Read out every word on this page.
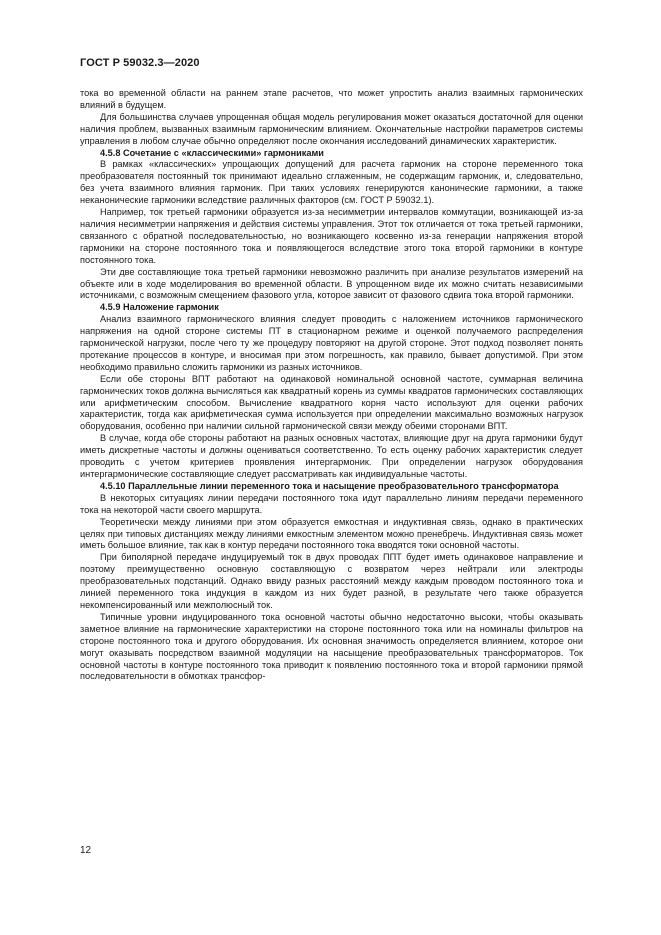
ГОСТ Р 59032.3—2020

тока во временной области на раннем этапе расчетов, что может упростить анализ взаимных гармонических влияний в будущем.

Для большинства случаев упрощенная общая модель регулирования может оказаться достаточной для оценки наличия проблем, вызванных взаимным гармоническим влиянием. Окончательные настройки параметров системы управления в любом случае обычно определяют после окончания исследований динамических характеристик.

4.5.8 Сочетание с «классическими» гармониками

В рамках «классических» упрощающих допущений для расчета гармоник на стороне переменного тока преобразователя постоянный ток принимают идеально сглаженным, не содержащим гармоник, и, следовательно, без учета взаимного влияния гармоник. При таких условиях генерируются канонические гармоники, а также неканонические гармоники вследствие различных факторов (см. ГОСТ Р 59032.1).

Например, ток третьей гармоники образуется из-за несимметрии интервалов коммутации, возникающей из-за наличия несимметрии напряжения и действия системы управления. Этот ток отличается от тока третьей гармоники, связанного с обратной последовательностью, но возникающего косвенно из-за генерации напряжения второй гармоники на стороне постоянного тока и появляющегося вследствие этого тока второй гармоники в контуре постоянного тока.

Эти две составляющие тока третьей гармоники невозможно различить при анализе результатов измерений на объекте или в ходе моделирования во временной области. В упрощенном виде их можно считать независимыми источниками, с возможным смещением фазового угла, которое зависит от фазового сдвига тока второй гармоники.

4.5.9 Наложение гармоник

Анализ взаимного гармонического влияния следует проводить с наложением источников гармонического напряжения на одной стороне системы ПТ в стационарном режиме и оценкой получаемого распределения гармонической нагрузки, после чего ту же процедуру повторяют на другой стороне. Этот подход позволяет понять протекание процессов в контуре, и вносимая при этом погрешность, как правило, бывает допустимой. При этом необходимо правильно сложить гармоники из разных источников.

Если обе стороны ВПТ работают на одинаковой номинальной основной частоте, суммарная величина гармонических токов должна вычисляться как квадратный корень из суммы квадратов гармонических составляющих или арифметическим способом. Вычисление квадратного корня часто используют для оценки рабочих характеристик, тогда как арифметическая сумма используется при определении максимально возможных нагрузок оборудования, особенно при наличии сильной гармонической связи между обеими сторонами ВПТ.

В случае, когда обе стороны работают на разных основных частотах, влияющие друг на друга гармоники будут иметь дискретные частоты и должны оцениваться соответственно. То есть оценку рабочих характеристик следует проводить с учетом критериев проявления интергармоник. При определении нагрузок оборудования интергармонические составляющие следует рассматривать как индивидуальные частоты.

4.5.10 Параллельные линии переменного тока и насыщение преобразовательного трансформатора

В некоторых ситуациях линии передачи постоянного тока идут параллельно линиям передачи переменного тока на некоторой части своего маршрута.

Теоретически между линиями при этом образуется емкостная и индуктивная связь, однако в практических целях при типовых дистанциях между линиями емкостным элементом можно пренебречь. Индуктивная связь может иметь большое влияние, так как в контур передачи постоянного тока вводятся токи основной частоты.

При биполярной передаче индуцируемый ток в двух проводах ППТ будет иметь одинаковое направление и поэтому преимущественно основную составляющую с возвратом через нейтрали или электроды преобразовательных подстанций. Однако ввиду разных расстояний между каждым проводом постоянного тока и линией переменного тока индукция в каждом из них будет разной, в результате чего также образуется некомпенсированный или межполюсный ток.

Типичные уровни индуцированного тока основной частоты обычно недостаточно высоки, чтобы оказывать заметное влияние на гармонические характеристики на стороне постоянного тока или на номиналы фильтров на стороне постоянного тока и другого оборудования. Их основная значимость определяется влиянием, которое они могут оказывать посредством взаимной модуляции на насыщение преобразовательных трансформаторов. Ток основной частоты в контуре постоянного тока приводит к появлению постоянного тока и второй гармоники прямой последовательности в обмотках трансфор-

12
